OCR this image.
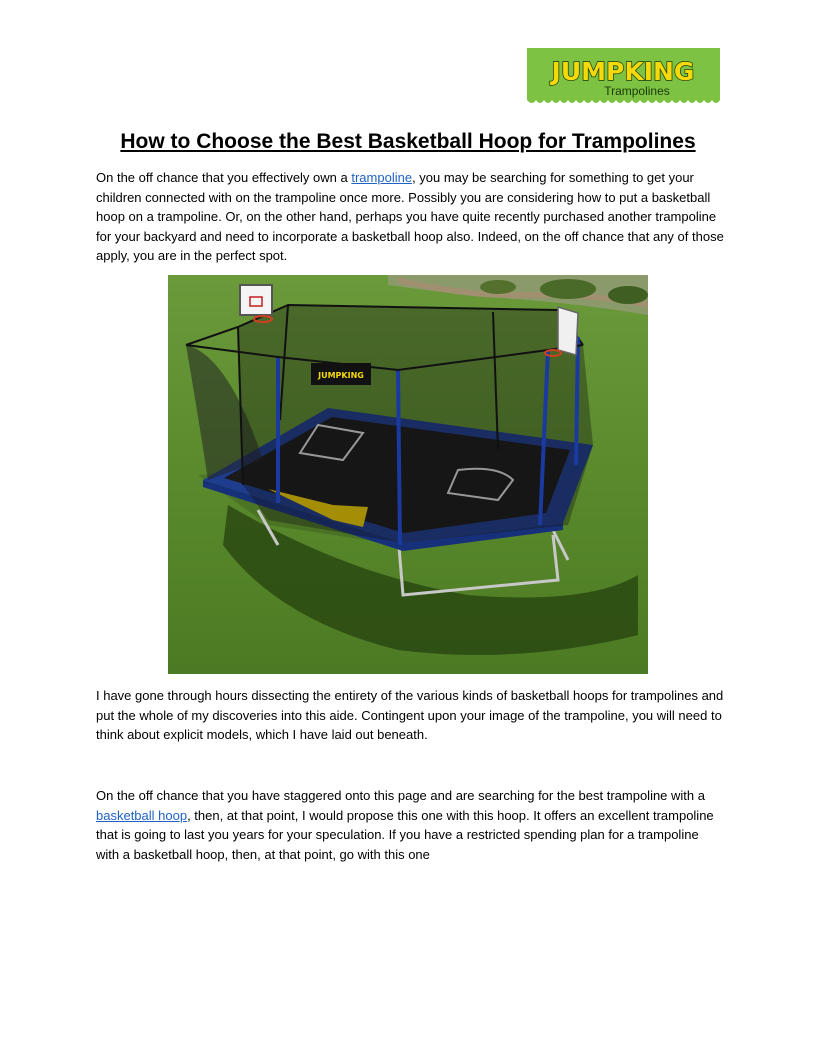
JUMPKING
Trampolines
How to Choose the Best Basketball Hoop for Trampolines

On the off chance that you effectively own a trampoline, you may be searching for something to get your children connected with on the trampoline once more. Possibly you are considering how to put a basketball hoop on a trampoline. Or, on the other hand, perhaps you have quite recently purchased another trampoline for your backyard and need to incorporate a basketball hoop also. Indeed, on the off chance that any of those apply, you are in the perfect spot.

JUMPKING

I have gone through hours dissecting the entirety of the various kinds of basketball hoops for trampolines and put the whole of my discoveries into this aide. Contingent upon your image of the trampoline, you will need to think about explicit models, which I have laid out beneath.

On the off chance that you have staggered onto this page and are searching for the best trampoline with a basketball hoop, then, at that point, I would propose this one with this hoop. It offers an excellent trampoline that is going to last you years for your speculation. If you have a restricted spending plan for a trampoline with a basketball hoop, then, at that point, go with this one
